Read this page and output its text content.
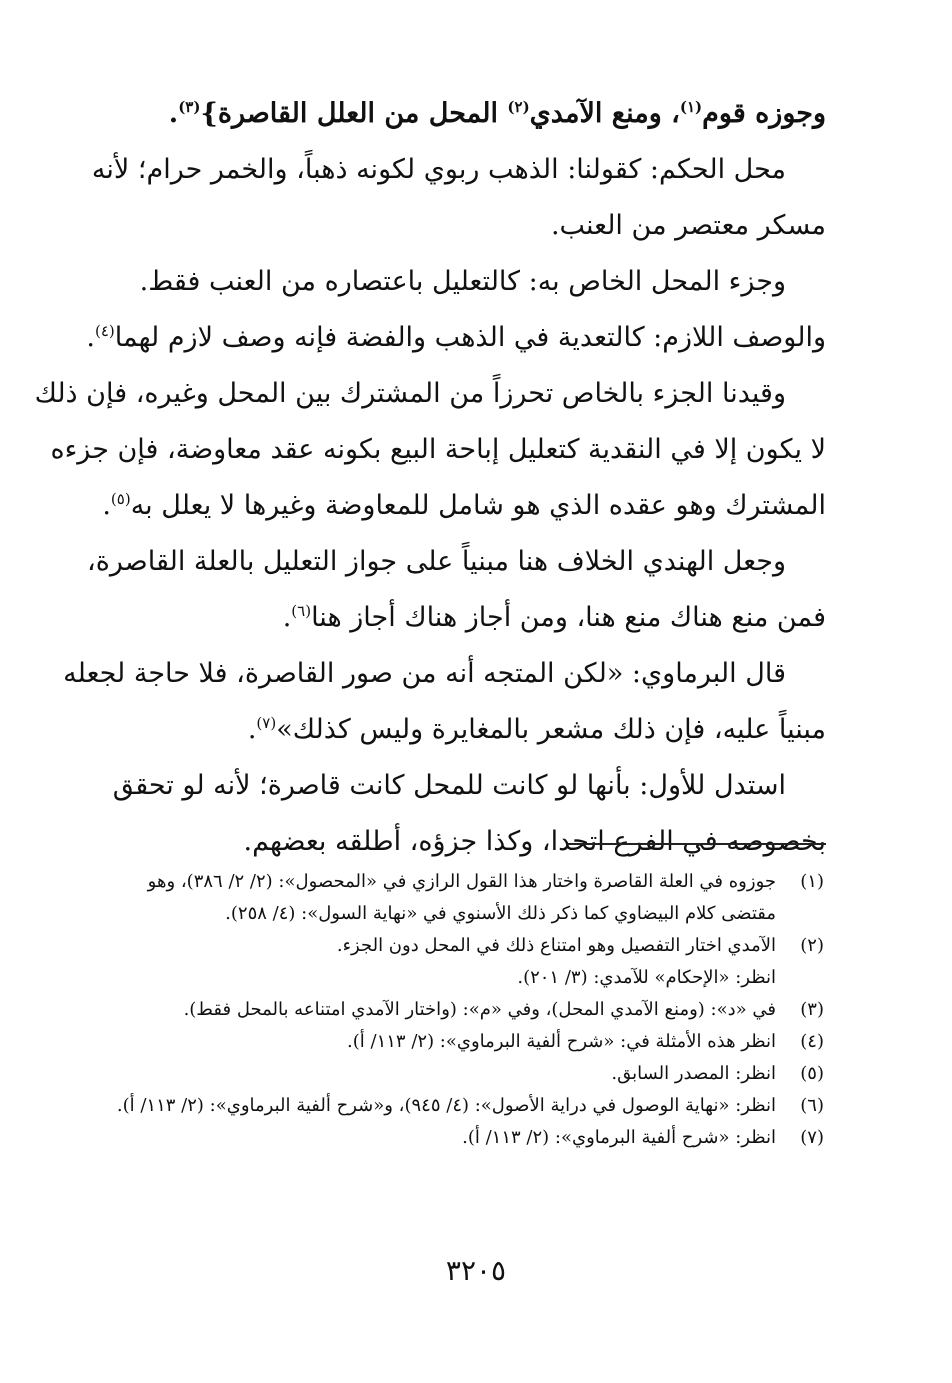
وجوزه قوم$^{(١)}$، ومنع الآمدي$^{(٢)}$ المحل من العلل القاصرة}$^{(٣)}$.
محل الحكم: كقولنا: الذهب ربوي لكونه ذهباً، والخمر حرام؛ لأنه
مسكر معتصر من العنب.
وجزء المحل الخاص به: كالتعليل باعتصاره من العنب فقط.
والوصف اللازم: كالتعدية في الذهب والفضة فإنه وصف لازم لهما$^{(٤)}$.
وقيدنا الجزء بالخاص تحرزاً من المشترك بين المحل وغيره، فإن ذلك
لا يكون إلا في النقدية كتعليل إباحة البيع بكونه عقد معاوضة، فإن جزءه
المشترك وهو عقده الذي هو شامل للمعاوضة وغيرها لا يعلل به$^{(٥)}$.
وجعل الهندي الخلاف هنا مبنياً على جواز التعليل بالعلة القاصرة،
فمن منع هناك منع هنا، ومن أجاز هناك أجاز هنا$^{(٦)}$.
قال البرماوي: «لكن المتجه أنه من صور القاصرة، فلا حاجة لجعله
مبنياً عليه، فإن ذلك مشعر بالمغايرة وليس كذلك»$^{(٧)}$.
استدل للأول: بأنها لو كانت للمحل كانت قاصرة؛ لأنه لو تحقق
بخصوصه في الفرع اتحدا، وكذا جزؤه، أطلقه بعضهم.
(١)
جوزوه في العلة القاصرة واختار هذا القول الرازي في «المحصول»: (٢/ ٢/ ٣٨٦)، وهو
مقتضى كلام البيضاوي كما ذكر ذلك الأسنوي في «نهاية السول»: (٤/ ٢٥٨).
(٢)
الآمدي اختار التفصيل وهو امتناع ذلك في المحل دون الجزء.
انظر: «الإحكام» للآمدي: (٣/ ٢٠١).
(٣)
في «د»: (ومنع الآمدي المحل)، وفي «م»: (واختار الآمدي امتناعه بالمحل فقط).
(٤)
انظر هذه الأمثلة في: «شرح ألفية البرماوي»: (٢/ ١١٣/ أ).
(٥)
انظر: المصدر السابق.
(٦)
انظر: «نهاية الوصول في دراية الأصول»: (٤/ ٩٤٥)، و«شرح ألفية البرماوي»: (٢/ ١١٣/ أ).
(٧)
انظر: «شرح ألفية البرماوي»: (٢/ ١١٣/ أ).
٣٢٠٥
